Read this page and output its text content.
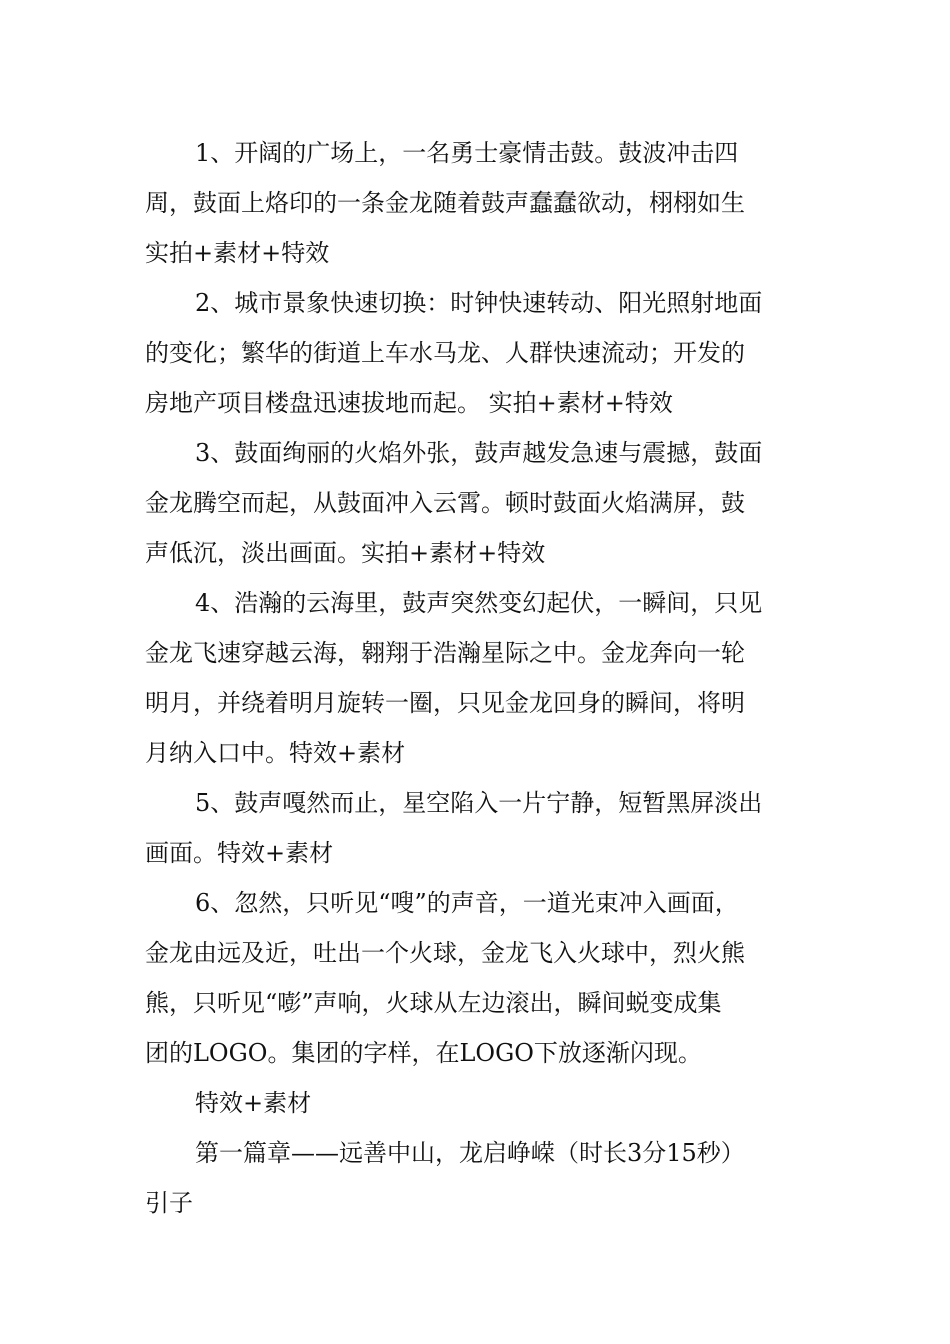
1、开阔的广场上，一名勇士豪情击鼓。鼓波冲击四
周，鼓面上烙印的一条金龙随着鼓声蠢蠢欲动，栩栩如生
实拍+素材+特效
2、城市景象快速切换：时钟快速转动、阳光照射地面
的变化；繁华的街道上车水马龙、人群快速流动；开发的
房地产项目楼盘迅速拔地而起。 实拍+素材+特效
3、鼓面绚丽的火焰外张，鼓声越发急速与震撼，鼓面
金龙腾空而起，从鼓面冲入云霄。顿时鼓面火焰满屏，鼓
声低沉，淡出画面。实拍+素材+特效
4、浩瀚的云海里，鼓声突然变幻起伏，一瞬间，只见
金龙飞速穿越云海，翱翔于浩瀚星际之中。金龙奔向一轮
明月，并绕着明月旋转一圈，只见金龙回身的瞬间，将明
月纳入口中。特效+素材
5、鼓声嘎然而止，星空陷入一片宁静，短暂黑屏淡出
画面。特效+素材
6、忽然，只听见“嗖”的声音，一道光束冲入画面，
金龙由远及近，吐出一个火球，金龙飞入火球中，烈火熊
熊，只听见“嘭”声响，火球从左边滚出，瞬间蜕变成集
团的LOGO。集团的字样，在LOGO下放逐渐闪现。
特效+素材
第一篇章——远善中山，龙启峥嵘（时长3分15秒）
引子
